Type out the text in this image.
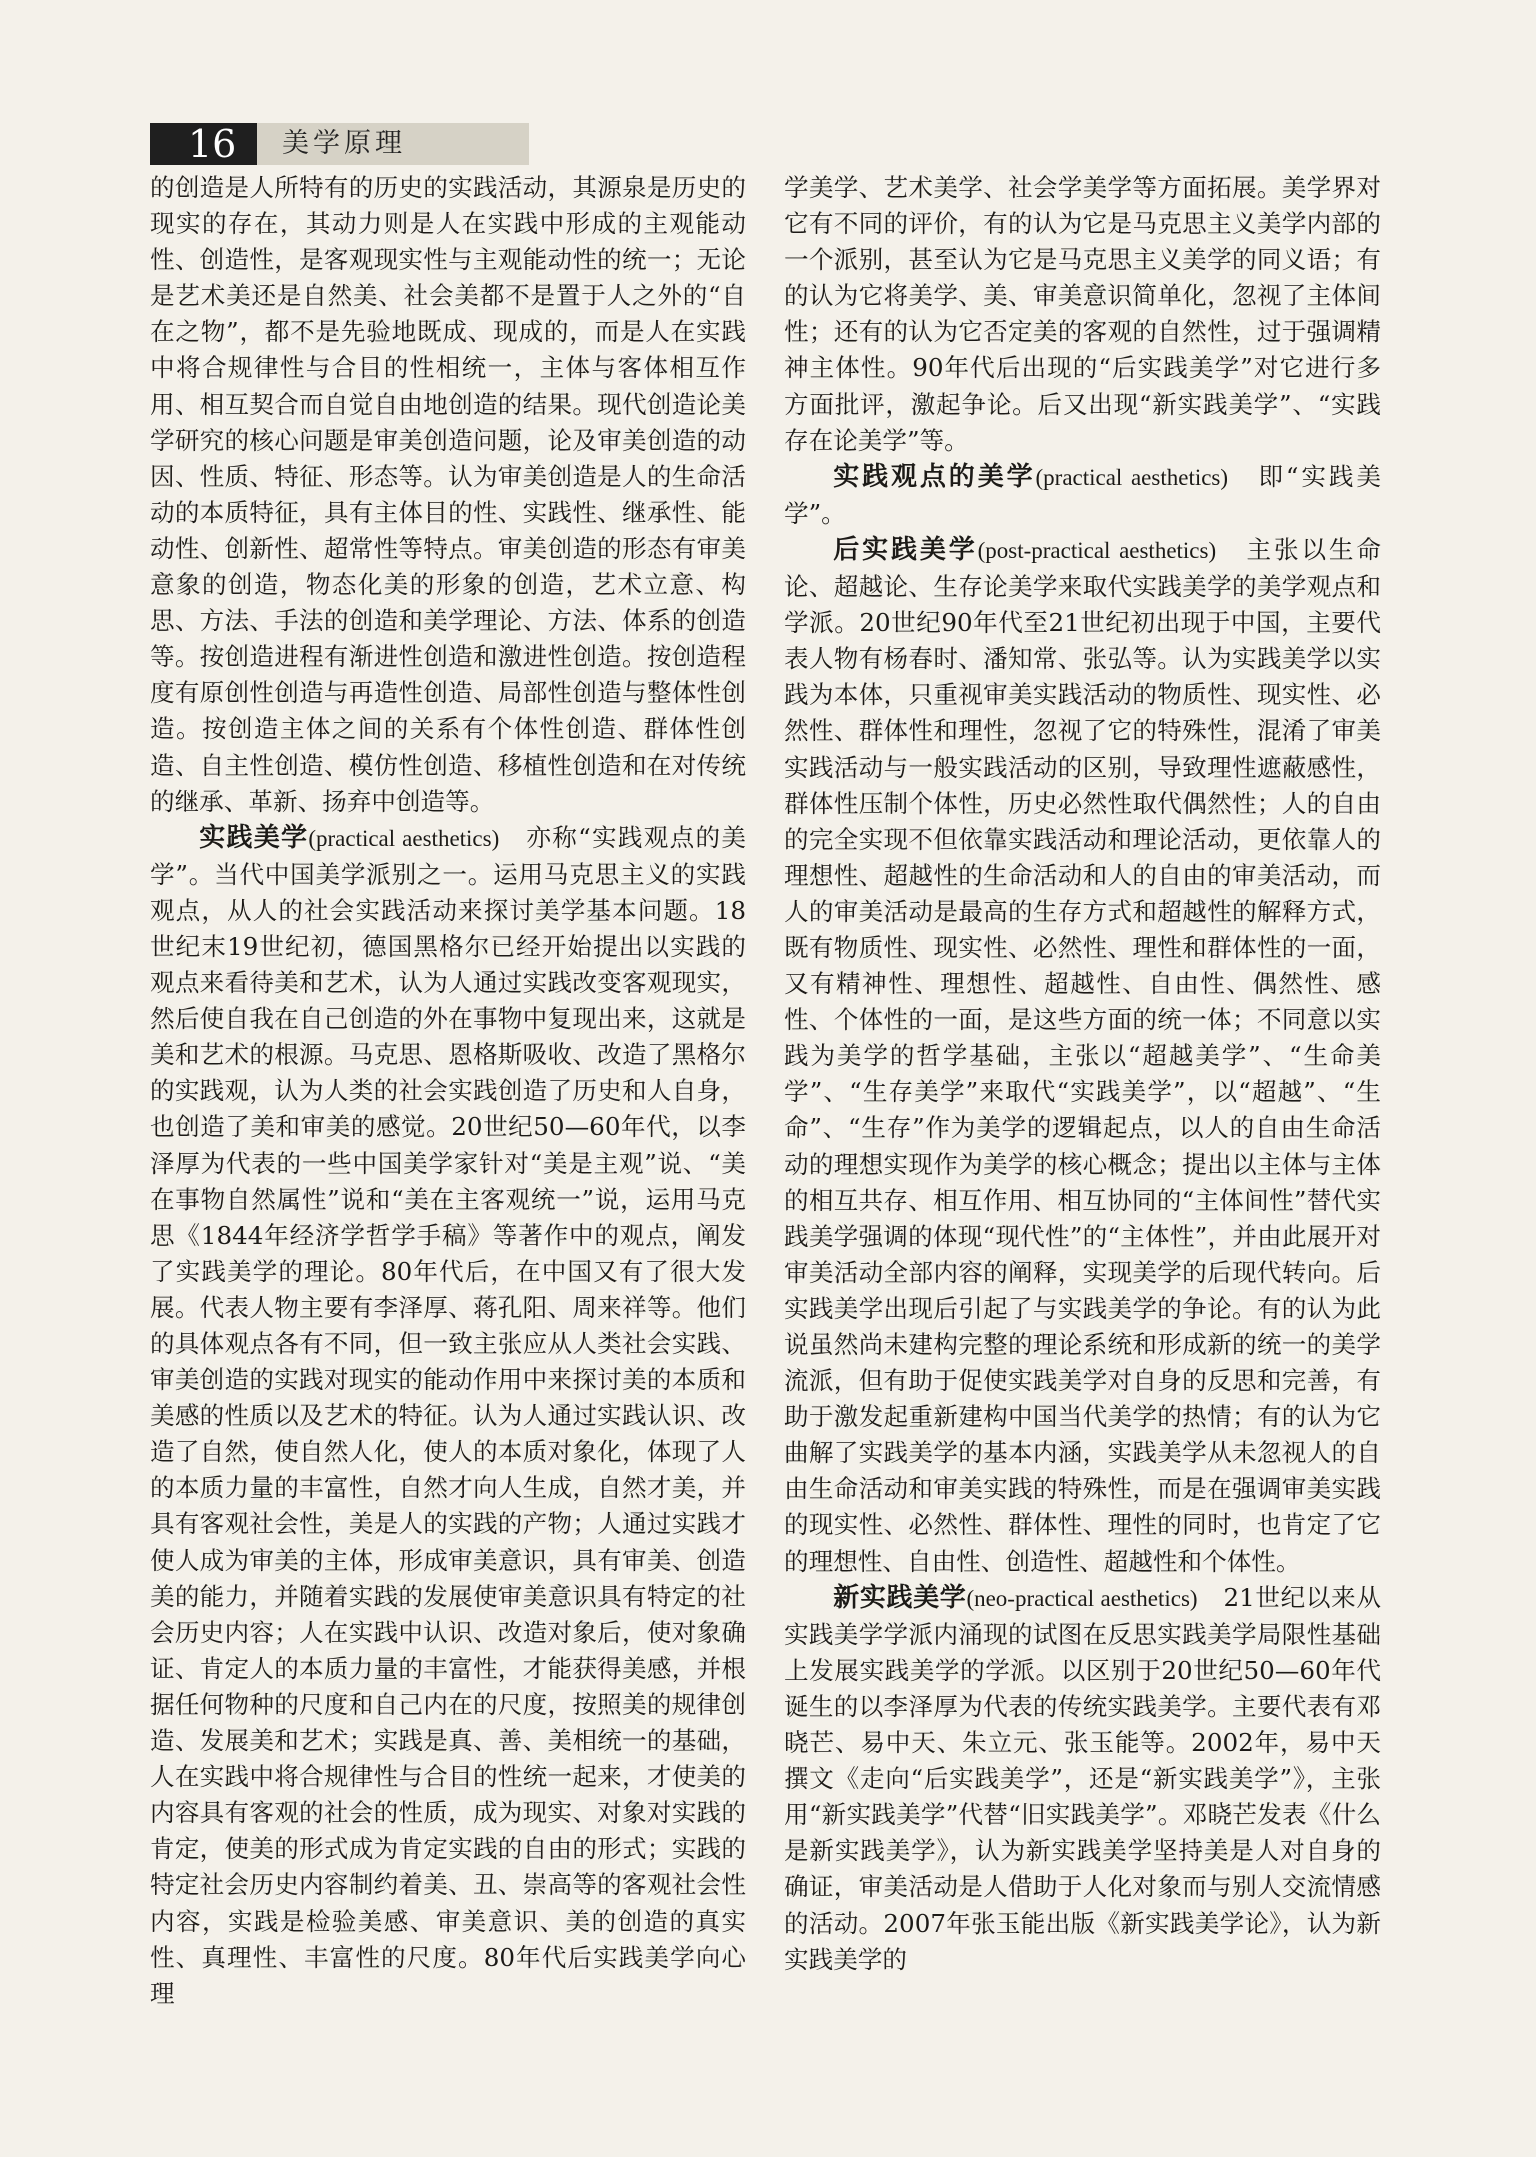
16	美学原理

的创造是人所特有的历史的实践活动，其源泉是历史的现实的存在，其动力则是人在实践中形成的主观能动性、创造性，是客观现实性与主观能动性的统一；无论是艺术美还是自然美、社会美都不是置于人之外的“自在之物”，都不是先验地既成、现成的，而是人在实践中将合规律性与合目的性相统一，主体与客体相互作用、相互契合而自觉自由地创造的结果。现代创造论美学研究的核心问题是审美创造问题，论及审美创造的动因、性质、特征、形态等。认为审美创造是人的生命活动的本质特征，具有主体目的性、实践性、继承性、能动性、创新性、超常性等特点。审美创造的形态有审美意象的创造，物态化美的形象的创造，艺术立意、构思、方法、手法的创造和美学理论、方法、体系的创造等。按创造进程有渐进性创造和激进性创造。按创造程度有原创性创造与再造性创造、局部性创造与整体性创造。按创造主体之间的关系有个体性创造、群体性创造、自主性创造、模仿性创造、移植性创造和在对传统的继承、革新、扬弃中创造等。

实践美学(practical aesthetics)　亦称“实践观点的美学”。当代中国美学派别之一。运用马克思主义的实践观点，从人的社会实践活动来探讨美学基本问题。18世纪末19世纪初，德国黑格尔已经开始提出以实践的观点来看待美和艺术，认为人通过实践改变客观现实，然后使自我在自己创造的外在事物中复现出来，这就是美和艺术的根源。马克思、恩格斯吸收、改造了黑格尔的实践观，认为人类的社会实践创造了历史和人自身，也创造了美和审美的感觉。20世纪50—60年代，以李泽厚为代表的一些中国美学家针对“美是主观”说、“美在事物自然属性”说和“美在主客观统一”说，运用马克思《1844年经济学哲学手稿》等著作中的观点，阐发了实践美学的理论。80年代后，在中国又有了很大发展。代表人物主要有李泽厚、蒋孔阳、周来祥等。他们的具体观点各有不同，但一致主张应从人类社会实践、审美创造的实践对现实的能动作用中来探讨美的本质和美感的性质以及艺术的特征。认为人通过实践认识、改造了自然，使自然人化，使人的本质对象化，体现了人的本质力量的丰富性，自然才向人生成，自然才美，并具有客观社会性，美是人的实践的产物；人通过实践才使人成为审美的主体，形成审美意识，具有审美、创造美的能力，并随着实践的发展使审美意识具有特定的社会历史内容；人在实践中认识、改造对象后，使对象确证、肯定人的本质力量的丰富性，才能获得美感，并根据任何物种的尺度和自己内在的尺度，按照美的规律创造、发展美和艺术；实践是真、善、美相统一的基础，人在实践中将合规律性与合目的性统一起来，才使美的内容具有客观的社会的性质，成为现实、对象对实践的肯定，使美的形式成为肯定实践的自由的形式；实践的特定社会历史内容制约着美、丑、崇高等的客观社会性内容，实践是检验美感、审美意识、美的创造的真实性、真理性、丰富性的尺度。80年代后实践美学向心理

学美学、艺术美学、社会学美学等方面拓展。美学界对它有不同的评价，有的认为它是马克思主义美学内部的一个派别，甚至认为它是马克思主义美学的同义语；有的认为它将美学、美、审美意识简单化，忽视了主体间性；还有的认为它否定美的客观的自然性，过于强调精神主体性。90年代后出现的“后实践美学”对它进行多方面批评，激起争论。后又出现“新实践美学”、“实践存在论美学”等。

实践观点的美学(practical aesthetics)　即“实践美学”。

后实践美学(post-practical aesthetics)　主张以生命论、超越论、生存论美学来取代实践美学的美学观点和学派。20世纪90年代至21世纪初出现于中国，主要代表人物有杨春时、潘知常、张弘等。认为实践美学以实践为本体，只重视审美实践活动的物质性、现实性、必然性、群体性和理性，忽视了它的特殊性，混淆了审美实践活动与一般实践活动的区别，导致理性遮蔽感性，群体性压制个体性，历史必然性取代偶然性；人的自由的完全实现不但依靠实践活动和理论活动，更依靠人的理想性、超越性的生命活动和人的自由的审美活动，而人的审美活动是最高的生存方式和超越性的解释方式，既有物质性、现实性、必然性、理性和群体性的一面，又有精神性、理想性、超越性、自由性、偶然性、感性、个体性的一面，是这些方面的统一体；不同意以实践为美学的哲学基础，主张以“超越美学”、“生命美学”、“生存美学”来取代“实践美学”，以“超越”、“生命”、“生存”作为美学的逻辑起点，以人的自由生命活动的理想实现作为美学的核心概念；提出以主体与主体的相互共存、相互作用、相互协同的“主体间性”替代实践美学强调的体现“现代性”的“主体性”，并由此展开对审美活动全部内容的阐释，实现美学的后现代转向。后实践美学出现后引起了与实践美学的争论。有的认为此说虽然尚未建构完整的理论系统和形成新的统一的美学流派，但有助于促使实践美学对自身的反思和完善，有助于激发起重新建构中国当代美学的热情；有的认为它曲解了实践美学的基本内涵，实践美学从未忽视人的自由生命活动和审美实践的特殊性，而是在强调审美实践的现实性、必然性、群体性、理性的同时，也肯定了它的理想性、自由性、创造性、超越性和个体性。

新实践美学(neo-practical aesthetics)　21世纪以来从实践美学学派内涌现的试图在反思实践美学局限性基础上发展实践美学的学派。以区别于20世纪50—60年代诞生的以李泽厚为代表的传统实践美学。主要代表有邓晓芒、易中天、朱立元、张玉能等。2002年，易中天撰文《走向“后实践美学”，还是“新实践美学”》，主张用“新实践美学”代替“旧实践美学”。邓晓芒发表《什么是新实践美学》，认为新实践美学坚持美是人对自身的确证，审美活动是人借助于人化对象而与别人交流情感的活动。2007年张玉能出版《新实践美学论》，认为新实践美学的
